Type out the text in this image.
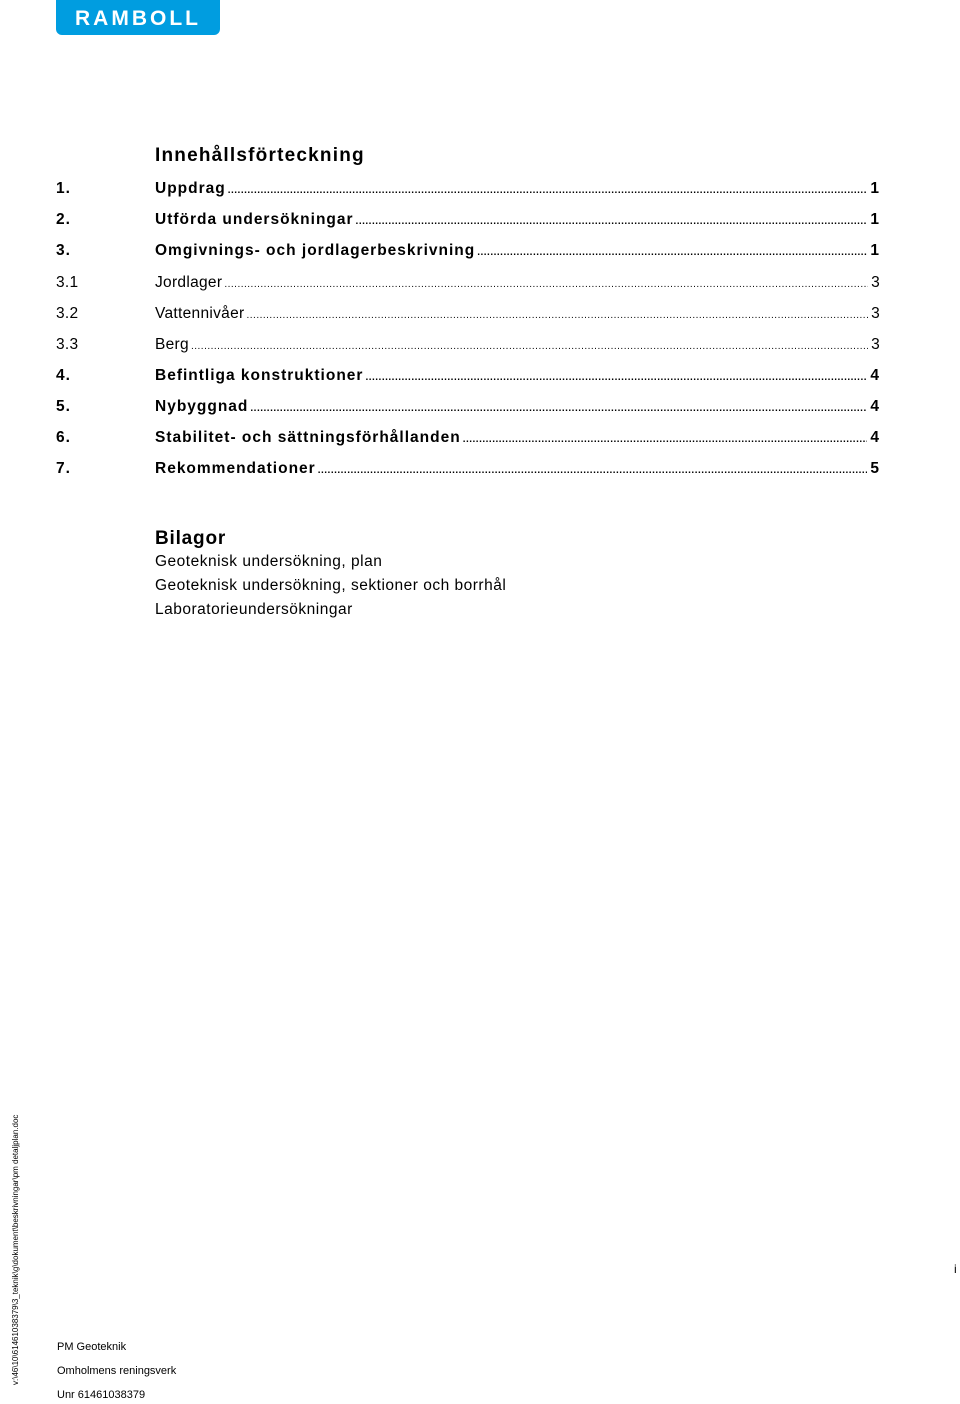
RAMBOLL
Innehållsförteckning
1.	Uppdrag .....	1
2.	Utförda undersökningar .....	1
3.	Omgivnings- och jordlagerbeskrivning .....	1
3.1	Jordlager .....	3
3.2	Vattennivåer .....	3
3.3	Berg .....	3
4.	Befintliga konstruktioner .....	4
5.	Nybyggnad .....	4
6.	Stabilitet- och sättningsförhållanden .....	4
7.	Rekommendationer .....	5
Bilagor
Geoteknisk undersökning, plan
Geoteknisk undersökning, sektioner och borrhål
Laboratorieundersökningar
v:\46\10\61461038379\3_teknik\g\dokument\beskrivningar\pm detaljplan.doc	i
PM Geoteknik
Omholmens reningsverk
Unr 61461038379
